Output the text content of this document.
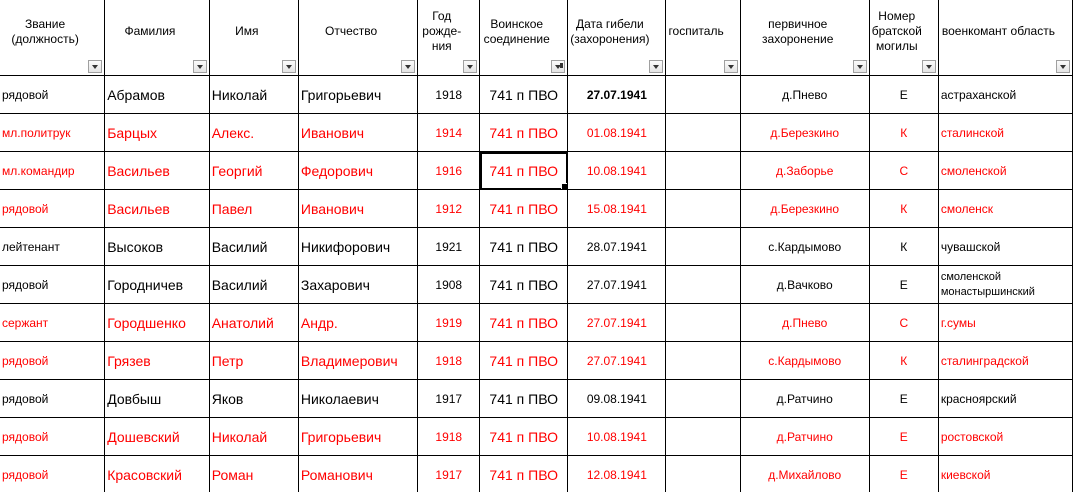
Звание (должность)	Фамилия	Имя	Отчество	Год рожде-ния	Воинское соединение	Дата гибели (захоронения)	госпиталь	первичное захоронение	Номер братской могилы	военкомант область

рядовой	Абрамов	Николай	Григорьевич	1918	741 п ПВО	27.07.1941		д.Пнево	Е	астраханской
мл.политрук	Барцых	Алекс.	Иванович	1914	741 п ПВО	01.08.1941		д.Березкино	К	сталинской
мл.командир	Васильев	Георгий	Федорович	1916	741 п ПВО	10.08.1941		д.Заборье	С	смоленской
рядовой	Васильев	Павел	Иванович	1912	741 п ПВО	15.08.1941		д.Березкино	К	смоленск
лейтенант	Высоков	Василий	Никифорович	1921	741 п ПВО	28.07.1941		с.Кардымово	К	чувашской
рядовой	Городничев	Василий	Захарович	1908	741 п ПВО	27.07.1941		д.Вачково	Е	смоленской монастыршинский
сержант	Городшенко	Анатолий	Андр.	1919	741 п ПВО	27.07.1941		д.Пнево	С	г.сумы
рядовой	Грязев	Петр	Владимерович	1918	741 п ПВО	27.07.1941		с.Кардымово	К	сталинградской
рядовой	Довбыш	Яков	Николаевич	1917	741 п ПВО	09.08.1941		д.Ратчино	Е	красноярский
рядовой	Дошевский	Николай	Григорьевич	1918	741 п ПВО	10.08.1941		д.Ратчино	Е	ростовской
рядовой	Красовский	Роман	Романович	1917	741 п ПВО	12.08.1941		д.Михайлово	Е	киевской
